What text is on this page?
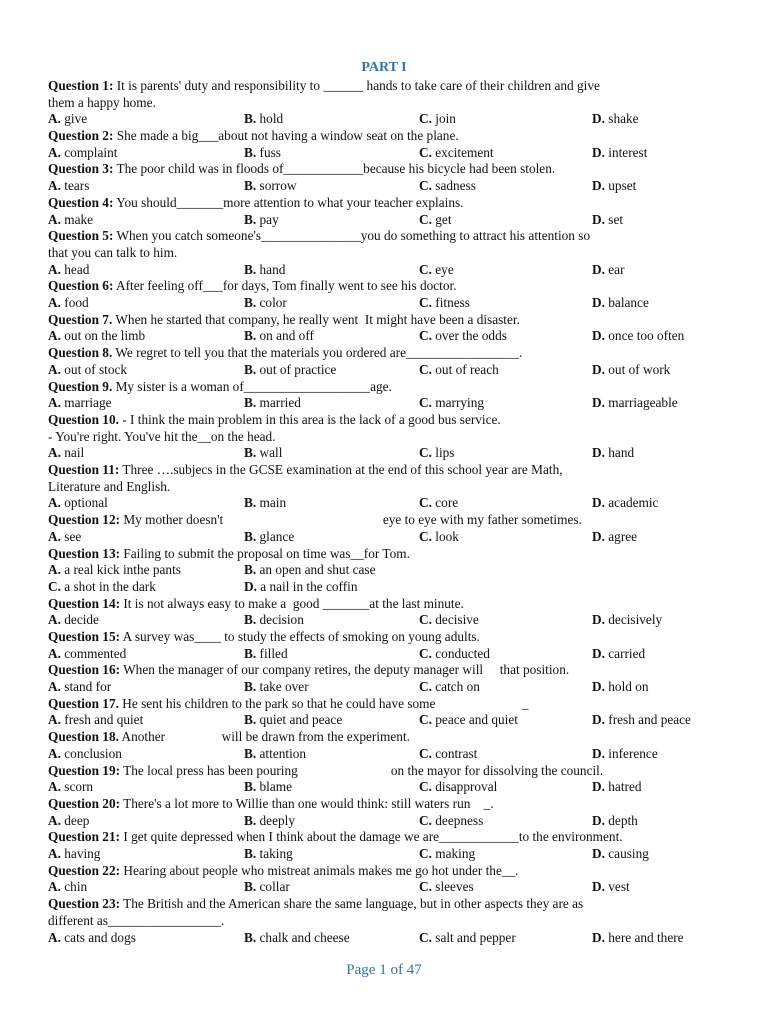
PART I
Question 1: It is parents' duty and responsibility to ______ hands to take care of their children and give
them a happy home.
A. give	B. hold	C. join	D. shake
Question 2: She made a big___about not having a window seat on the plane.
A. complaint	B. fuss	C. excitement	D. interest
Question 3: The poor child was in floods of____________because his bicycle had been stolen.
A. tears	B. sorrow	C. sadness	D. upset
Question 4: You should_______more attention to what your teacher explains.
A. make	B. pay	C. get	D. set
Question 5: When you catch someone's_______________you do something to attract his attention so
that you can talk to him.
A. head	B. hand	C. eye	D. ear
Question 6: After feeling off___for days, Tom finally went to see his doctor.
A. food	B. color	C. fitness	D. balance
Question 7. When he started that company, he really went  It might have been a disaster.
A. out on the limb	B. on and off	C. over the odds	D. once too often
Question 8. We regret to tell you that the materials you ordered are_________________.
A. out of stock	B. out of practice	C. out of reach	D. out of work
Question 9. My sister is a woman of___________________age.
A. marriage	B. married	C. marrying	D. marriageable
Question 10. - I think the main problem in this area is the lack of a good bus service.
- You're right. You've hit the__on the head.
A. nail	B. wall	C. lips	D. hand
Question 11: Three ….subjecs in the GCSE examination at the end of this school year are Math,
Literature and English.
A. optional	B. main	C. core	D. academic
Question 12: My mother doesn't                                                eye to eye with my father sometimes.
A. see	B. glance	C. look	D. agree
Question 13: Failing to submit the proposal on time was__for Tom.
A. a real kick inthe pants	B. an open and shut case
C. a shot in the dark	D. a nail in the coffin
Question 14: It is not always easy to make a  good _______at the last minute.
A. decide	B. decision	C. decisive	D. decisively
Question 15: A survey was____ to study the effects of smoking on young adults.
A. commented	B. filled	C. conducted	D. carried
Question 16: When the manager of our company retires, the deputy manager will     that position.
A. stand for	B. take over	C. catch on	D. hold on
Question 17. He sent his children to the park so that he could have some                          _
A. fresh and quiet	B. quiet and peace	C. peace and quiet	D. fresh and peace
Question 18. Another                 will be drawn from the experiment.
A. conclusion	B. attention	C. contrast	D. inference
Question 19: The local press has been pouring                            on the mayor for dissolving the council.
A. scorn	B. blame	C. disapproval	D. hatred
Question 20: There's a lot more to Willie than one would think: still waters run    _.
A. deep	B. deeply	C. deepness	D. depth
Question 21: I get quite depressed when I think about the damage we are____________to the environment.
A. having	B. taking	C. making	D. causing
Question 22: Hearing about people who mistreat animals makes me go hot under the__.
A. chin	B. collar	C. sleeves	D. vest
Question 23: The British and the American share the same language, but in other aspects they are as
different as_________________.
A. cats and dogs	B. chalk and cheese	C. salt and pepper	D. here and there
Page 1 of 47
